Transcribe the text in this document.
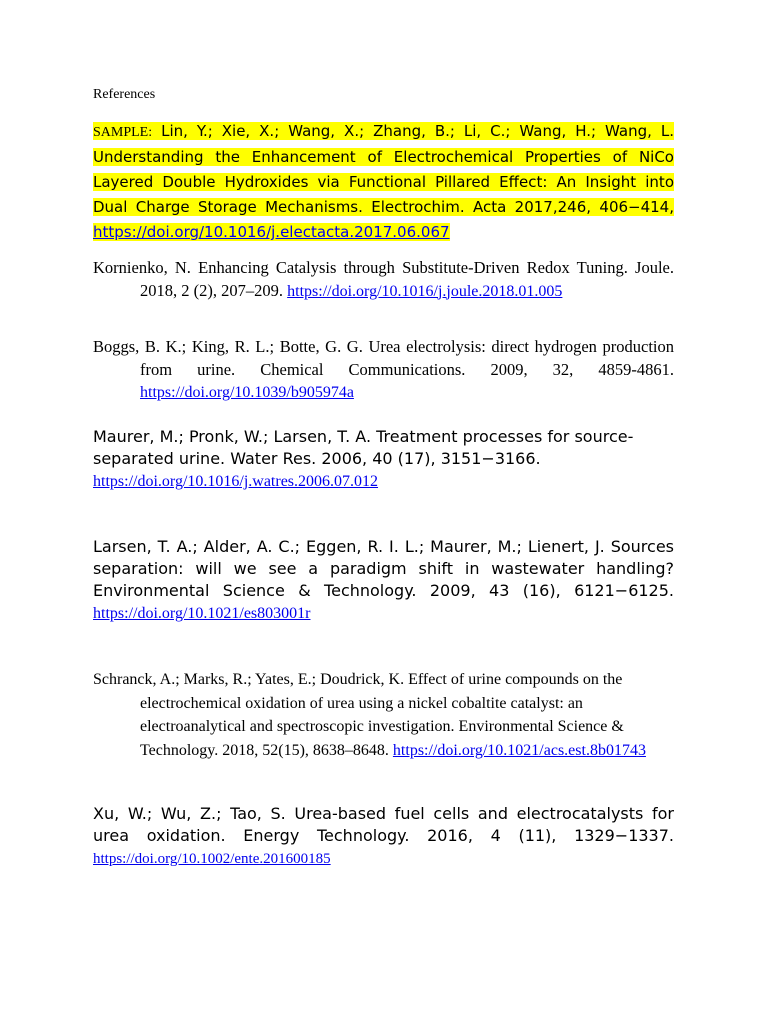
References
SAMPLE: Lin, Y.; Xie, X.; Wang, X.; Zhang, B.; Li, C.; Wang, H.; Wang, L. Understanding the Enhancement of Electrochemical Properties of NiCo Layered Double Hydroxides via Functional Pillared Effect: An Insight into Dual Charge Storage Mechanisms. Electrochim. Acta 2017,246, 406−414, https://doi.org/10.1016/j.electacta.2017.06.067
Kornienko, N. Enhancing Catalysis through Substitute-Driven Redox Tuning. Joule. 2018, 2 (2), 207–209. https://doi.org/10.1016/j.joule.2018.01.005
Boggs, B. K.; King, R. L.; Botte, G. G. Urea electrolysis: direct hydrogen production from urine. Chemical Communications. 2009, 32, 4859-4861. https://doi.org/10.1039/b905974a
Maurer, M.; Pronk, W.; Larsen, T. A. Treatment processes for source-separated urine. Water Res. 2006, 40 (17), 3151−3166. https://doi.org/10.1016/j.watres.2006.07.012
Larsen, T. A.; Alder, A. C.; Eggen, R. I. L.; Maurer, M.; Lienert, J. Sources separation: will we see a paradigm shift in wastewater handling? Environmental Science & Technology. 2009, 43 (16), 6121−6125. https://doi.org/10.1021/es803001r
Schranck, A.; Marks, R.; Yates, E.; Doudrick, K. Effect of urine compounds on the electrochemical oxidation of urea using a nickel cobaltite catalyst: an electroanalytical and spectroscopic investigation. Environmental Science & Technology. 2018, 52(15), 8638–8648. https://doi.org/10.1021/acs.est.8b01743
Xu, W.; Wu, Z.; Tao, S. Urea-based fuel cells and electrocatalysts for urea oxidation. Energy Technology. 2016, 4 (11), 1329−1337. https://doi.org/10.1002/ente.201600185
